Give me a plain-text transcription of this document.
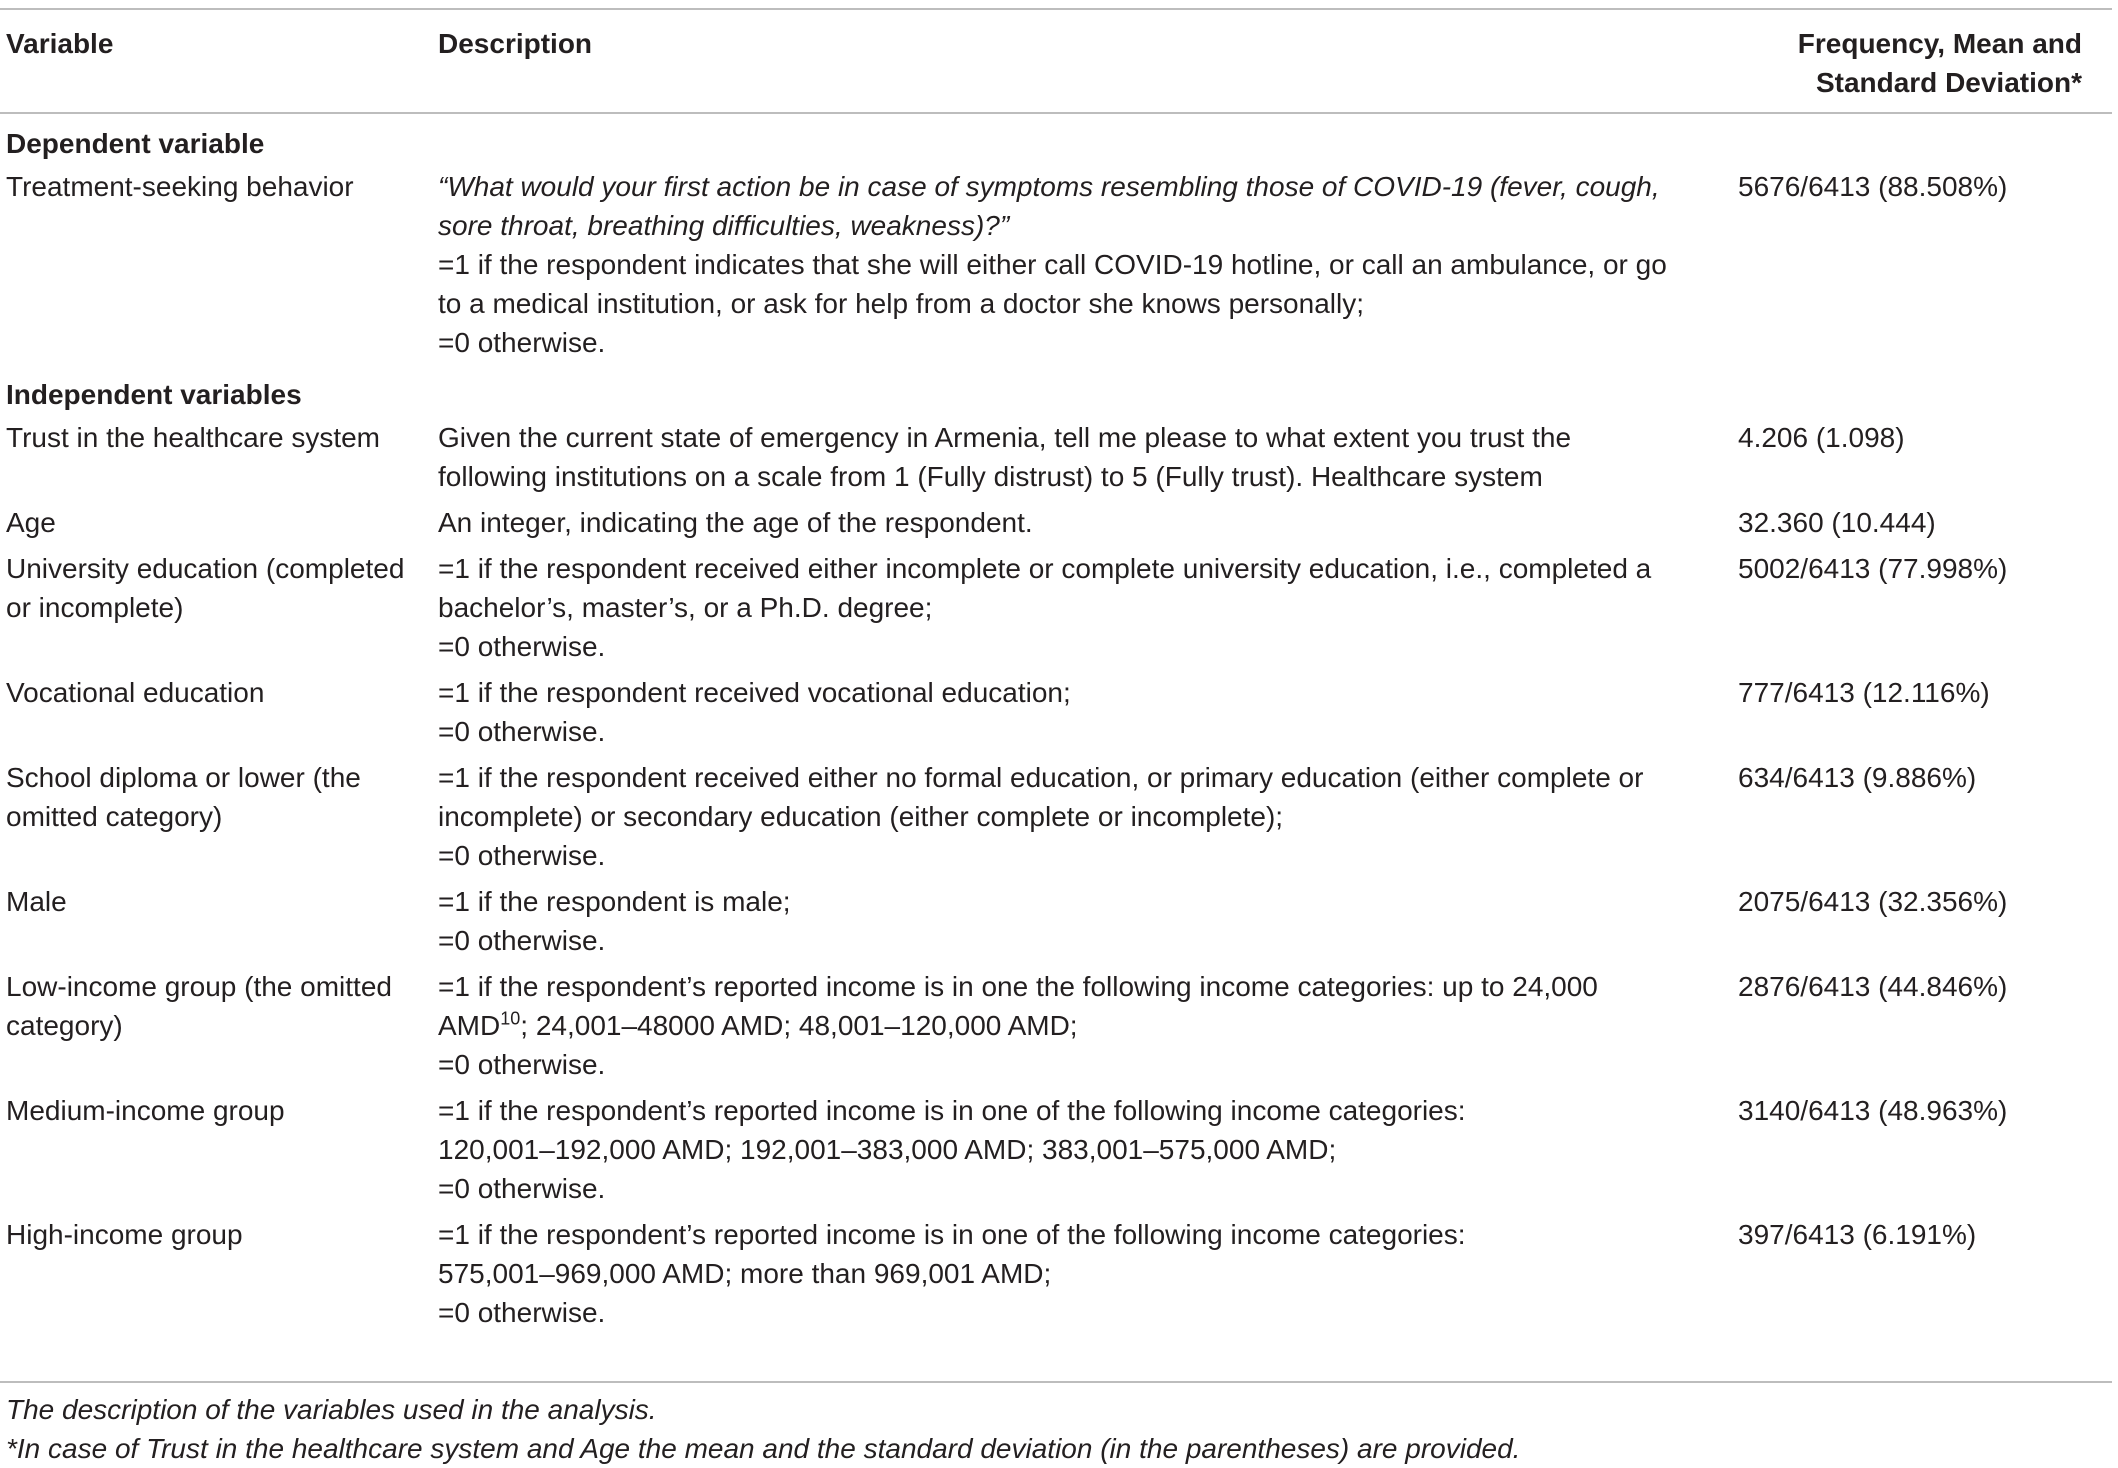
Variable	Description	Frequency, Mean and
Standard Deviation*
Dependent variable		
Treatment-seeking behavior	“What would your first action be in case of symptoms resembling those of COVID-19 (fever, cough,
sore throat, breathing difficulties, weakness)?”
=1 if the respondent indicates that she will either call COVID-19 hotline, or call an ambulance, or go
to a medical institution, or ask for help from a doctor she knows personally;
=0 otherwise.	5676/6413 (88.508%)
Independent variables		
Trust in the healthcare system	Given the current state of emergency in Armenia, tell me please to what extent you trust the
following institutions on a scale from 1 (Fully distrust) to 5 (Fully trust). Healthcare system	4.206 (1.098)
Age	An integer, indicating the age of the respondent.	32.360 (10.444)
University education (completed or incomplete)	=1 if the respondent received either incomplete or complete university education, i.e., completed a
bachelor’s, master’s, or a Ph.D. degree;
=0 otherwise.	5002/6413 (77.998%)
Vocational education	=1 if the respondent received vocational education;
=0 otherwise.	777/6413 (12.116%)
School diploma or lower (the omitted category)	=1 if the respondent received either no formal education, or primary education (either complete or
incomplete) or secondary education (either complete or incomplete);
=0 otherwise.	634/6413 (9.886%)
Male	=1 if the respondent is male;
=0 otherwise.	2075/6413 (32.356%)
Low-income group (the omitted category)	=1 if the respondent’s reported income is in one the following income categories: up to 24,000
AMD$^{10}$; 24,001–48000 AMD; 48,001–120,000 AMD;
=0 otherwise.	2876/6413 (44.846%)
Medium-income group	=1 if the respondent’s reported income is in one of the following income categories:
120,001–192,000 AMD; 192,001–383,000 AMD; 383,001–575,000 AMD;
=0 otherwise.	3140/6413 (48.963%)
High-income group	=1 if the respondent’s reported income is in one of the following income categories:
575,001–969,000 AMD; more than 969,001 AMD;
=0 otherwise.	397/6413 (6.191%)
The description of the variables used in the analysis.
*In case of Trust in the healthcare system and Age the mean and the standard deviation (in the parentheses) are provided.
